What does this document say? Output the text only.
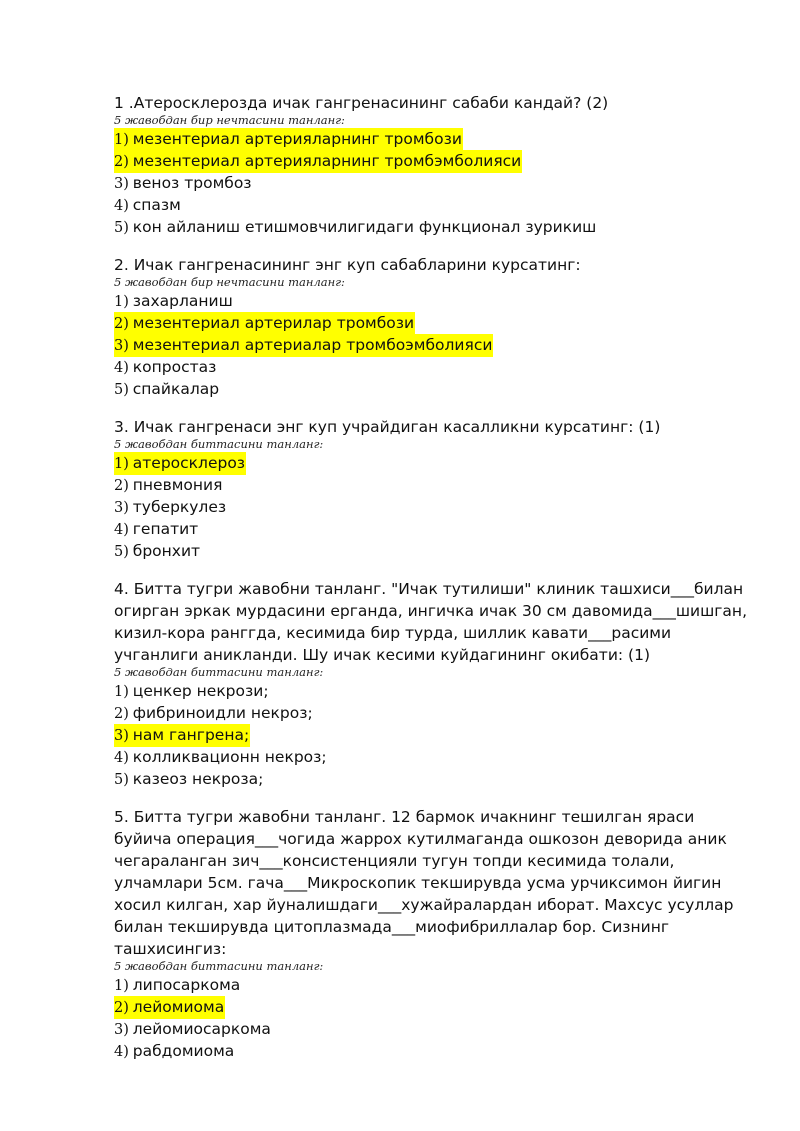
1 .Атеросклерозда ичак гангренасининг сабаби кандай? (2)

5 жавобдан бир нечтасини танланг:

1) мезентериал артерияларнинг тромбози
2) мезентериал артерияларнинг тромбэмболияси
3) веноз тромбоз
4) спазм
5) кон айланиш етишмовчилигидаги функционал зурикиш

2. Ичак гангренасининг энг куп сабабларини курсатинг:

5 жавобдан бир нечтасини танланг:

1) захарланиш
2) мезентериал артерилар тромбози
3) мезентериал артериалар тромбоэмболияси
4) копростаз
5) спайкалар

3. Ичак гангренаси энг куп учрайдиган касалликни курсатинг: (1)

5 жавобдан биттасини танланг:

1) атеросклероз
2) пневмония
3) туберкулез
4) гепатит
5) бронхит

4. Битта тугри жавобни танланг. "Ичак тутилиши" клиник ташхиси___билан огирган эркак мурдасини ерганда, ингичка ичак 30 см давомида___шишган, кизил-кора ранггда, кесимида бир турда, шиллик кавати___расими учганлиги аникланди. Шу ичак кесими куйдагининг окибати: (1)

5 жавобдан биттасини танланг:

1) ценкер некрози;
2) фибриноидли некроз;
3) нам гангрена;
4) колликвационн некроз;
5) казеоз некроза;

5. Битта тугри жавобни танланг. 12 бармок ичакнинг тешилган яраси буйича операция___чогида жаррох кутилмаганда ошкозон деворида аник чегараланган зич___консистенцияли тугун топди кесимида толали, улчамлари 5см. гача___Микроскопик текширувда усма урчиксимон йигин хосил килган, хар йуналишдаги___хужайралардан иборат. Махсус усуллар билан текширувда цитоплазмада___миофибриллалар бор. Сизнинг ташхисингиз:

5 жавобдан биттасини танланг:

1) липосаркома
2) лейомиома
3) лейомиосаркома
4) рабдомиома
